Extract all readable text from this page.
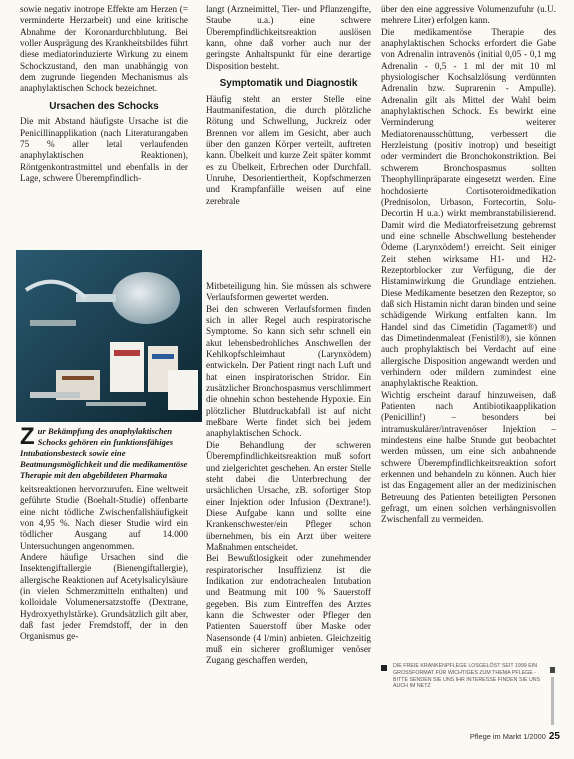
sowie negativ inotrope Effekte am Herzen (= verminderte Herzarbeit) und eine kritische Abnahme der Koronardurchblutung. Bei voller Ausprägung des Krankheitsbildes führt diese mediatorinduzierte Wirkung zu einem Schockzustand, den man unabhängig von dem zugrunde liegenden Mechanismus als anaphylaktischen Schock bezeichnet.

Ursachen des Schocks

Die mit Abstand häufigste Ursache ist die Penicillinapplikation (nach Literaturangaben 75 % aller letal verlaufenden anaphylaktischen Reaktionen), Röntgenkontrastmittel und ebenfalls in der Lage, schwere Überempfindlich-

Zur Bekämpfung des anaphylaktischen Schocks gehören ein funktionsfähiges Intubationsbesteck sowie eine Beatmungsmöglichkeit und die medikamentöse Therapie mit den abgebildeten Pharmaka

keitsreaktionen hervorzurufen. Eine weltweit geführte Studie (Boehalt-Studie) offenbarte eine nicht tödliche Zwischenfallshäufigkeit von 4,95 %. Nach dieser Studie wird ein tödlicher Ausgang auf 14.000 Untersuchungen angenommen.

Andere häufige Ursachen sind die Insektengiftallergie (Bienengiftallergie), allergische Reaktionen auf Acetylsalicylsäure (in vielen Schmerzmitteln enthalten) und kolloidale Volumenersatzstoffe (Dextrane, Hydroxyethylstärke). Grundsätzlich gilt aber, daß fast jeder Fremdstoff, der in den Organismus ge-

langt (Arzneimittel, Tier- und Pflanzengifte, Staube u.a.) eine schwere Überempfindlichkeitsreaktion auslösen kann, ohne daß vorher auch nur der geringste Anhaltspunkt für eine derartige Disposition besteht.

Symptomatik und Diagnostik

Häufig steht an erster Stelle eine Hautmanifestation, die durch plötzliche Rötung und Schwellung, Juckreiz oder Brennen vor allem im Gesicht, aber auch über den ganzen Körper verteilt, auftreten kann. Übelkeit und kurze Zeit später kommt es zu Übelkeit, Erbrechen oder Durchfall. Unruhe, Desorientiertheit, Kopfschmerzen und Krampfanfälle weisen auf eine zerebrale

Mitbeteiligung hin. Sie müssen als schwere Verlaufsformen gewertet werden.

Bei den schweren Verlaufsformen finden sich in aller Regel auch respiratorische Symptome. So kann sich sehr schnell ein akut lebensbedrohliches Anschwellen der Kehlkopfschleimhaut (Larynxödem) entwickeln. Der Patient ringt nach Luft und hat einen inspiratorischen Stridor. Ein zusätzlicher Bronchospasmus verschlimmert die ohnehin schon bestehende Hypoxie. Ein plötzlicher Blutdruckabfall ist auf nicht meßbare Werte findet sich bei jedem anaphylaktischen Schock.

Die Behandlung der schweren Überempfindlichkeitsreaktion muß sofort und zielgerichtet geschehen. An erster Stelle steht dabei die Unterbrechung der ursächlichen Ursache, zB. sofortiger Stop einer Injektion oder Infusion (Dextrane!). Diese Aufgabe kann und sollte eine Krankenschwester/ein Pfleger schon übernehmen, bis ein Arzt über weitere Maßnahmen entscheidet.

Bei Bewußtlosigkeit oder zunehmender respiratorischer Insuffizienz ist die Indikation zur endotrachealen Intubation und Beatmung mit 100 % Sauerstoff gegeben. Bis zum Eintreffen des Arztes kann die Schwester oder Pfleger den Patienten Sauerstoff über Maske oder Nasensonde (4 l/min) anbieten. Gleichzeitig muß ein sicherer großlumiger venöser Zugang geschaffen werden,

über den eine aggressive Volumenzufuhr (u.U. mehrere Liter) erfolgen kann.

Die medikamentöse Therapie des anaphylaktischen Schocks erfordert die Gabe von Adrenalin intravenös (initial 0,05 - 0,1 mg Adrenalin - 0,5 - 1 ml der mit 10 ml physiologischer Kochsalzlösung verdünnten Adrenalin bzw. Suprarenin - Ampulle). Adrenalin gilt als Mittel der Wahl beim anaphylaktischen Schock. Es bewirkt eine Verminderung weiterer Mediatorenausschüttung, verbessert die Herzleistung (positiv inotrop) und beseitigt oder vermindert die Bronchokonstriktion. Bei schwerem Bronchospasmus sollten Theophyllinpräparate eingesetzt werden. Eine hochdosierte Cortisoteroidmedikation (Prednisolon, Urbason, Fortecortin, Solu-Decortin H u.a.) wirkt membranstabilisierend. Damit wird die Mediatorfreisetzung gebremst und eine schnelle Abschwellung bestehender Ödeme (Larynxödem!) erreicht. Seit einiger Zeit stehen wirksame H1- und H2-Rezeptorblocker zur Verfügung, die der Histaminwirkung die Grundlage entziehen. Diese Medikamente besetzen den Rezeptor, so daß sich Histamin nicht daran binden und seine schädigende Wirkung entfalten kann. Im Handel sind das Cimetidin (Tagamet®) und das Dimetindenmaleat (Fenistil®), sie können auch prophylaktisch bei Verdacht auf eine allergische Disposition angewandt werden und verhindern oder mildern zumindest eine anaphylaktische Reaktion.

Wichtig erscheint darauf hinzuweisen, daß Patienten nach Antibiotikaapplikation (Penicillin!) – besonders bei intramuskulärer/intravenöser Injektion – mindestens eine halbe Stunde gut beobachtet werden müssen, um eine sich anbahnende schwere Überempfindlichkeitsreaktion sofort erkennen und behandeln zu können. Auch hier ist das Engagement aller an der medizinischen Betreuung des Patienten beteiligten Personen gefragt, um einen solchen verhängnisvollen Zwischenfall zu vermeiden.

DIE FREIE KRANKENPFLEGE LOSGELÖST SEIT 1999 EIN GROSSFORMAT FÜR WICHTIGES ZUM THEMA PFLEGE - BITTE SENDEN SIE UNS IHR INTERESSE FINDEN SIE UNS AUCH IM NETZ
Pflege im Markt 1/2000 25
